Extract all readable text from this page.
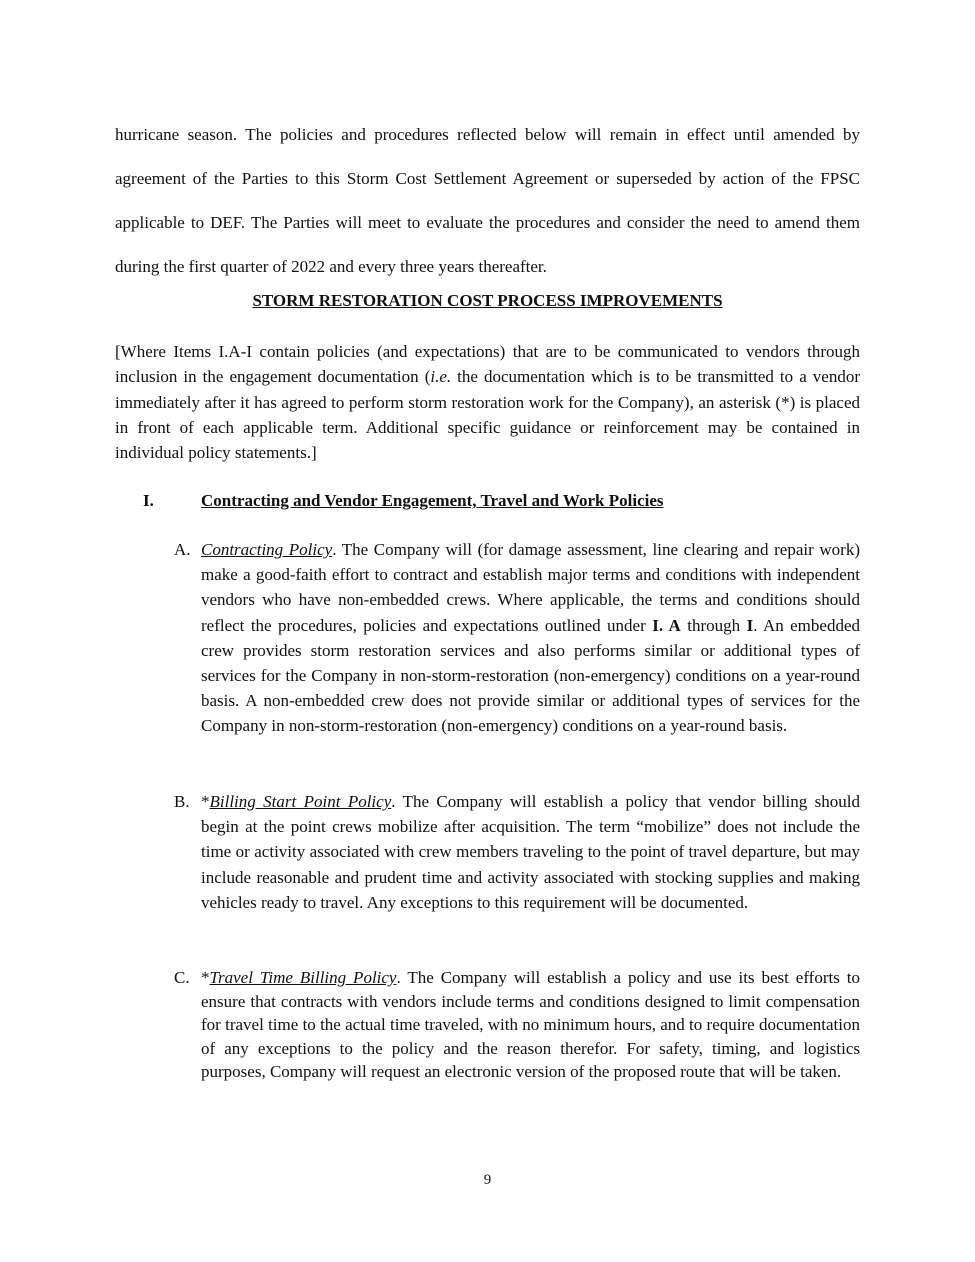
hurricane season. The policies and procedures reflected below will remain in effect until amended by agreement of the Parties to this Storm Cost Settlement Agreement or superseded by action of the FPSC applicable to DEF. The Parties will meet to evaluate the procedures and consider the need to amend them during the first quarter of 2022 and every three years thereafter.

STORM RESTORATION COST PROCESS IMPROVEMENTS

[Where Items I.A-I contain policies (and expectations) that are to be communicated to vendors through inclusion in the engagement documentation (i.e. the documentation which is to be transmitted to a vendor immediately after it has agreed to perform storm restoration work for the Company), an asterisk (*) is placed in front of each applicable term. Additional specific guidance or reinforcement may be contained in individual policy statements.]

I.	Contracting and Vendor Engagement, Travel and Work Policies
A. Contracting Policy. The Company will (for damage assessment, line clearing and repair work) make a good-faith effort to contract and establish major terms and conditions with independent vendors who have non-embedded crews. Where applicable, the terms and conditions should reflect the procedures, policies and expectations outlined under I. A through I. An embedded crew provides storm restoration services and also performs similar or additional types of services for the Company in non-storm-restoration (non-emergency) conditions on a year-round basis. A non-embedded crew does not provide similar or additional types of services for the Company in non-storm-restoration (non-emergency) conditions on a year-round basis.
B. *Billing Start Point Policy. The Company will establish a policy that vendor billing should begin at the point crews mobilize after acquisition. The term “mobilize” does not include the time or activity associated with crew members traveling to the point of travel departure, but may include reasonable and prudent time and activity associated with stocking supplies and making vehicles ready to travel. Any exceptions to this requirement will be documented.
C. *Travel Time Billing Policy. The Company will establish a policy and use its best efforts to ensure that contracts with vendors include terms and conditions designed to limit compensation for travel time to the actual time traveled, with no minimum hours, and to require documentation of any exceptions to the policy and the reason therefor. For safety, timing, and logistics purposes, Company will request an electronic version of the proposed route that will be taken.
9
